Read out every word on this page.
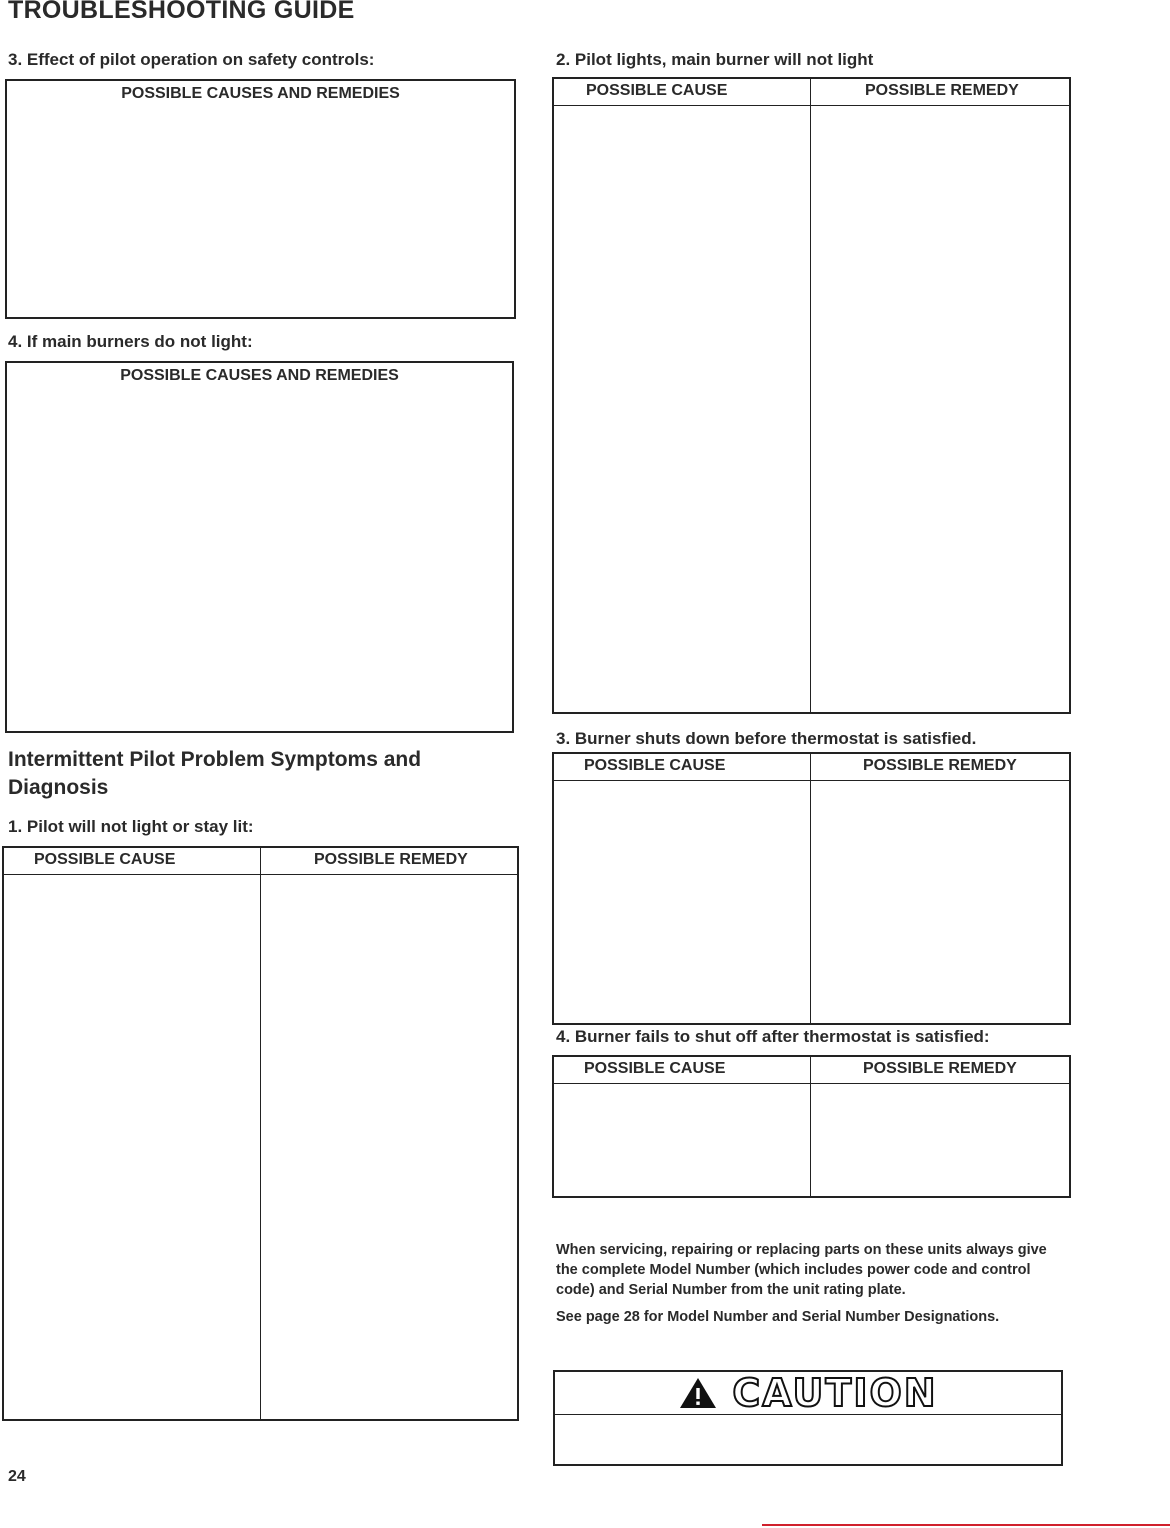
TROUBLESHOOTING GUIDE
3. Effect of pilot operation on safety controls:
POSSIBLE CAUSES AND REMEDIES
4. If main burners do not light:
POSSIBLE CAUSES AND REMEDIES
Intermittent Pilot Problem Symptoms and Diagnosis
1. Pilot will not light or stay lit:
POSSIBLE CAUSE	POSSIBLE REMEDY
2. Pilot lights, main burner will not light
POSSIBLE CAUSE	POSSIBLE REMEDY
3. Burner shuts down before thermostat is satisfied.
POSSIBLE CAUSE	POSSIBLE REMEDY
4. Burner fails to shut off after thermostat is satisfied:
POSSIBLE CAUSE	POSSIBLE REMEDY
When servicing, repairing or replacing parts on these units always give the complete Model Number (which includes power code and control code) and Serial Number from the unit rating plate.
See page 28 for Model Number and Serial Number Designations.
CAUTION
24
